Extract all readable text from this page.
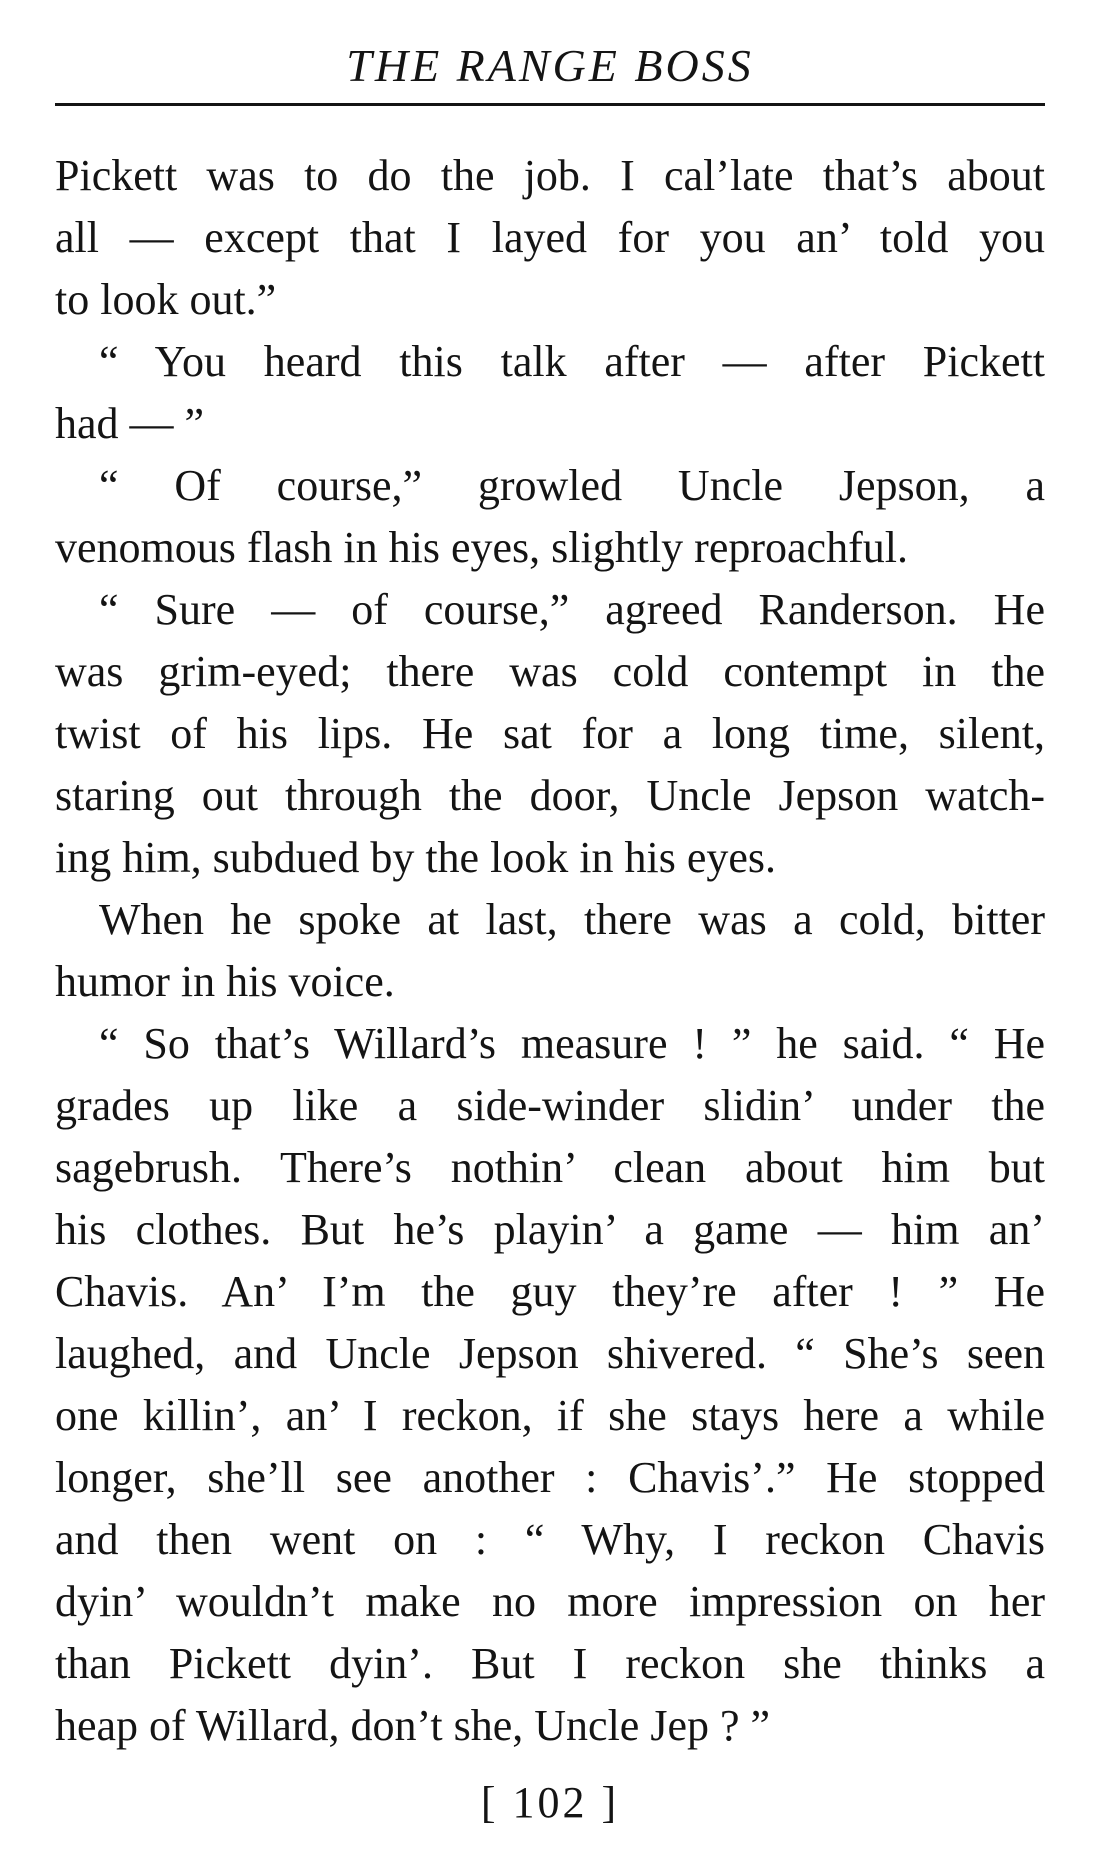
THE RANGE BOSS
Pickett was to do the job. I cal’late that’s about
all — except that I layed for you an’ told you
to look out.”
“ You heard this talk after — after Pickett
had — ”
“ Of course,” growled Uncle Jepson, a
venomous flash in his eyes, slightly reproachful.
“ Sure — of course,” agreed Randerson. He
was grim-eyed; there was cold contempt in the
twist of his lips. He sat for a long time, silent,
staring out through the door, Uncle Jepson watch-
ing him, subdued by the look in his eyes.
When he spoke at last, there was a cold, bitter
humor in his voice.
“ So that’s Willard’s measure ! ” he said. “ He
grades up like a side-winder slidin’ under the
sagebrush. There’s nothin’ clean about him but
his clothes. But he’s playin’ a game — him an’
Chavis. An’ I’m the guy they’re after ! ” He
laughed, and Uncle Jepson shivered. “ She’s seen
one killin’, an’ I reckon, if she stays here a while
longer, she’ll see another : Chavis’.” He stopped
and then went on : “ Why, I reckon Chavis
dyin’ wouldn’t make no more impression on her
than Pickett dyin’. But I reckon she thinks a
heap of Willard, don’t she, Uncle Jep ? ”
[ 102 ]
